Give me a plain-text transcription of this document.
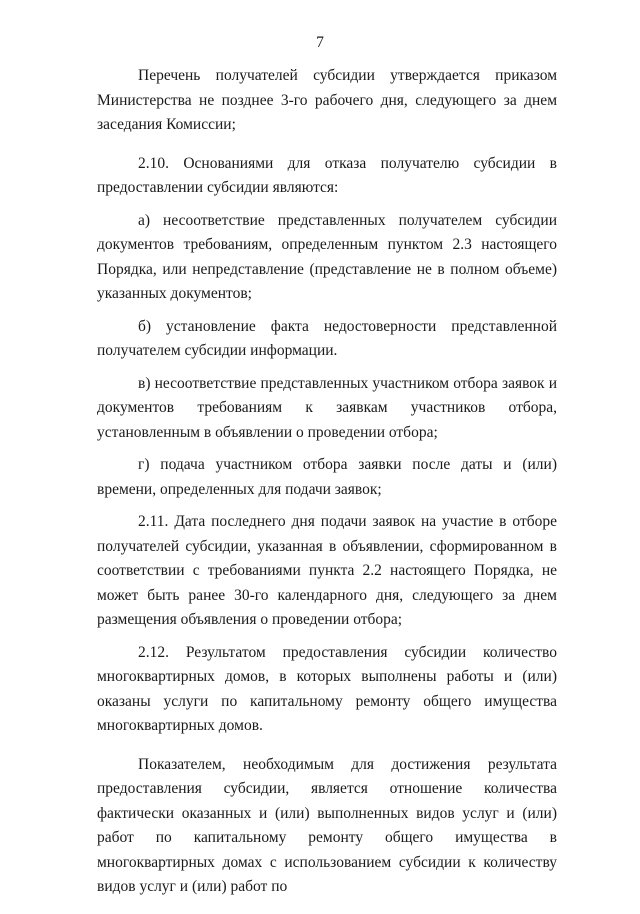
7

Перечень получателей субсидии утверждается приказом Министерства не позднее 3-го рабочего дня, следующего за днем заседания Комиссии;

2.10. Основаниями для отказа получателю субсидии в предоставлении субсидии являются:

а) несоответствие представленных получателем субсидии документов требованиям, определенным пунктом 2.3 настоящего Порядка, или непредставление (представление не в полном объеме) указанных документов;

б) установление факта недостоверности представленной получателем субсидии информации.

в) несоответствие представленных участником отбора заявок и документов требованиям к заявкам участников отбора, установленным в объявлении о проведении отбора;

г) подача участником отбора заявки после даты и (или) времени, определенных для подачи заявок;

2.11. Дата последнего дня подачи заявок на участие в отборе получателей субсидии, указанная в объявлении, сформированном в соответствии с требованиями пункта 2.2 настоящего Порядка, не может быть ранее 30-го календарного дня, следующего за днем размещения объявления о проведении отбора;

2.12. Результатом предоставления субсидии количество многоквартирных домов, в которых выполнены работы и (или) оказаны услуги по капитальному ремонту общего имущества многоквартирных домов.

Показателем, необходимым для достижения результата предоставления субсидии, является отношение количества фактически оказанных и (или) выполненных видов услуг и (или) работ по капитальному ремонту общего имущества в многоквартирных домах с использованием субсидии к количеству видов услуг и (или) работ по
